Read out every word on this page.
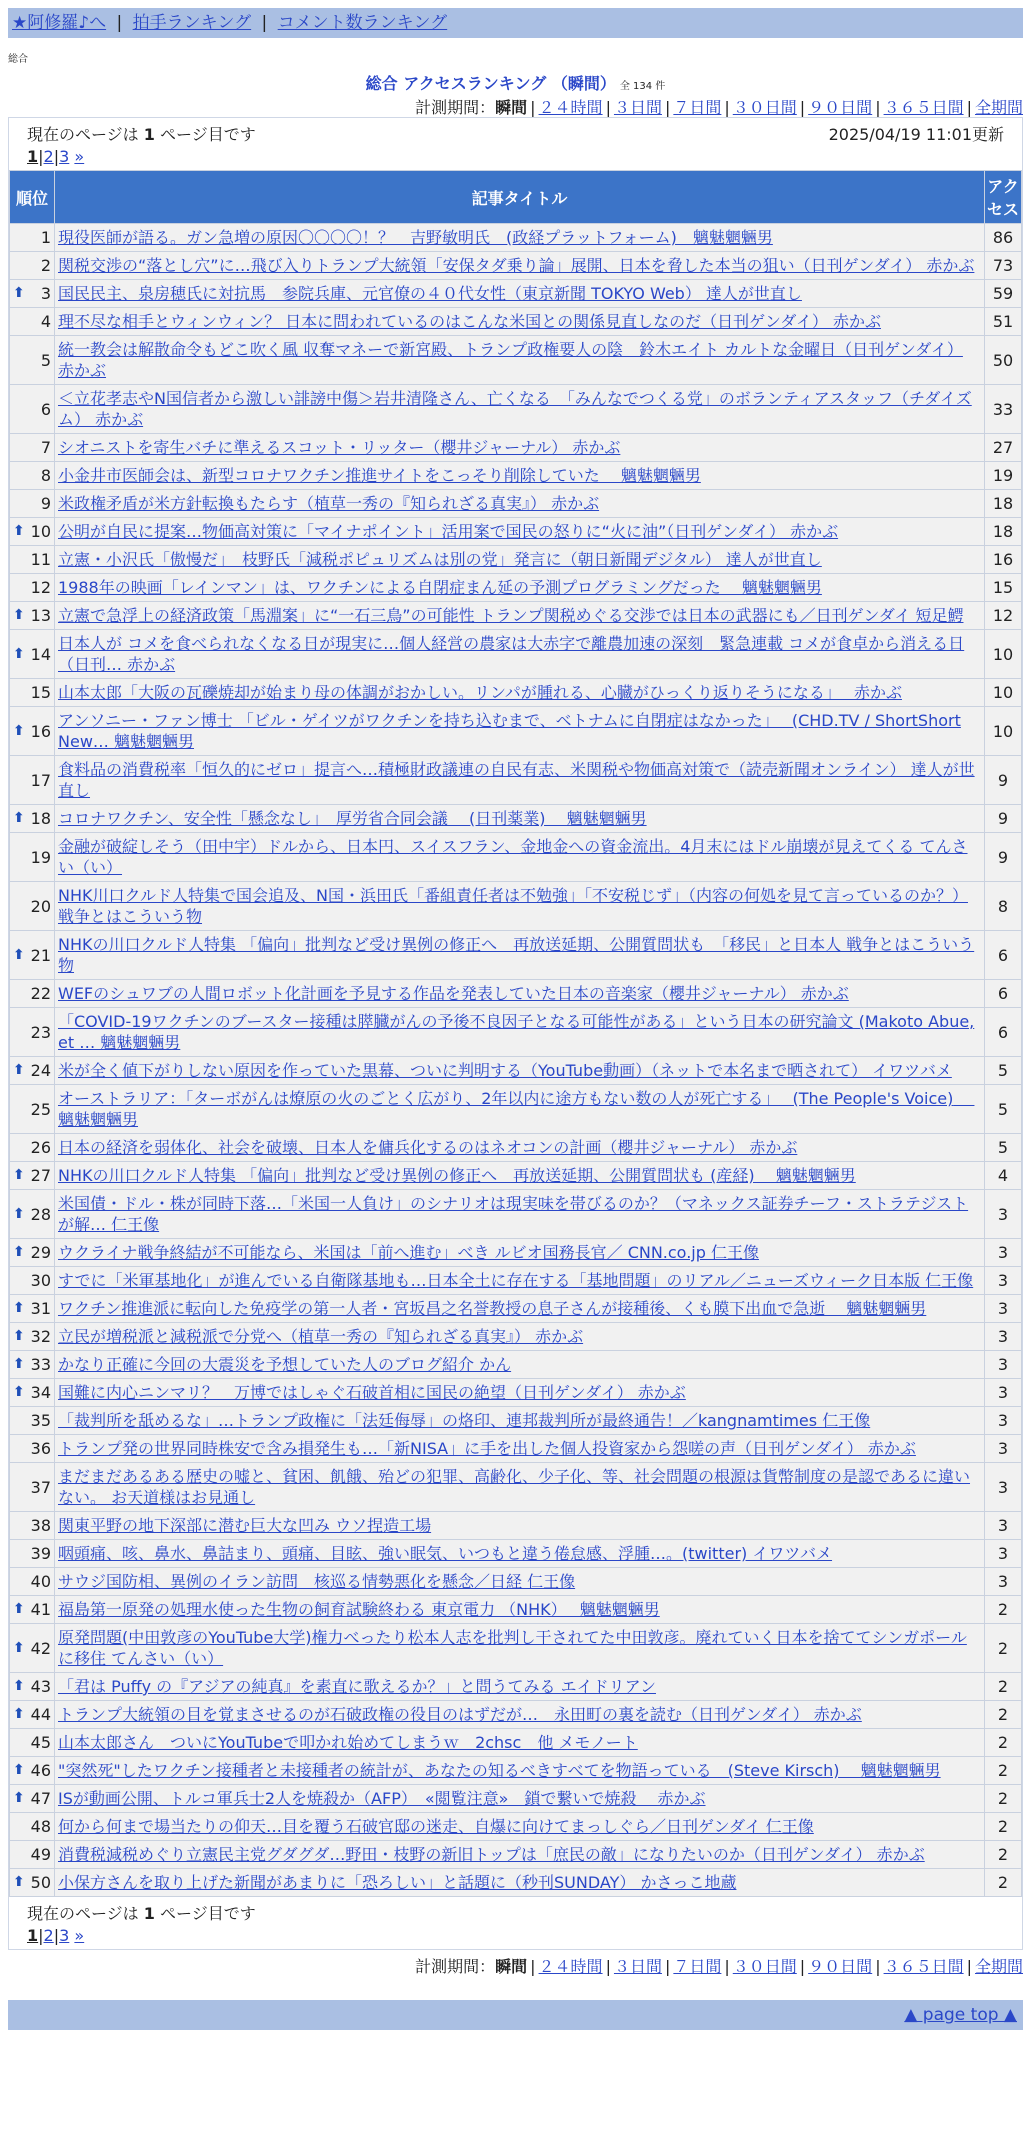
★阿修羅♪へ | 拍手ランキング | コメント数ランキング
総合
総合 アクセスランキング （瞬間） 全 134 件
計測期間：瞬間 | ２４時間 | ３日間 | ７日間 | ３０日間 | ９０日間 | ３６５日間 | 全期間
2025/04/19 11:01更新
現在のページは 1 ページ目です
1|2|3 »
順位	記事タイトル	アクセス
1	現役医師が語る。ガン急増の原因〇〇〇〇！？　吉野敏明氏　(政経プラットフォーム)　魑魅魍魎男	86
2	関税交渉の“落とし穴”に…飛び入りトランプ大統領「安保タダ乗り論」展開、日本を脅した本当の狙い（日刊ゲンダイ） 赤かぶ	73

⬆ 3	国民民主、泉房穂氏に対抗馬　参院兵庫、元官僚の４０代女性（東京新聞 TOKYO Web） 達人が世直し	59
4	理不尽な相手とウィンウィン？ 日本に問われているのはこんな米国との関係見直しなのだ（日刊ゲンダイ） 赤かぶ	51
5	統一教会は解散命令もどこ吹く風 収奪マネーで新宮殿、トランプ政権要人の陰　鈴木エイト カルトな金曜日（日刊ゲンダイ） 赤かぶ	50
6	＜立花孝志やN国信者から激しい誹謗中傷＞岩井清隆さん、亡くなる　「みんなでつくる党」のボランティアスタッフ（チダイズム） 赤かぶ	33
7	シオニストを寄生バチに準えるスコット・リッター（櫻井ジャーナル） 赤かぶ	27
8	小金井市医師会は、新型コロナワクチン推進サイトをこっそり削除していた　 魑魅魍魎男	19
9	米政権矛盾が米方針転換もたらす（植草一秀の『知られざる真実』） 赤かぶ	18

⬆ 10	公明が自民に提案…物価高対策に「マイナポイント」活用案で国民の怒りに“火に油”（日刊ゲンダイ） 赤かぶ	18
11	立憲・小沢氏「傲慢だ」　枝野氏「減税ポピュリズムは別の党」発言に（朝日新聞デジタル） 達人が世直し	16
12	1988年の映画「レインマン」は、ワクチンによる自閉症まん延の予測プログラミングだった　 魑魅魍魎男	15

⬆ 13	立憲で急浮上の経済政策「馬淵案」に“一石三鳥”の可能性 トランプ関税めぐる交渉では日本の武器にも／日刊ゲンダイ 短足鰐	12

⬆ 14	日本人が コメを食べられなくなる日が現実に…個人経営の農家は大赤字で離農加速の深刻　緊急連載 コメが食卓から消える日（日刊… 赤かぶ	10
15	山本太郎「大阪の瓦礫焼却が始まり母の体調がおかしい。リンパが腫れる、心臓がひっくり返りそうになる」　 赤かぶ	10

⬆ 16	アンソニー・ファン博士 「ビル・ゲイツがワクチンを持ち込むまで、ベトナムに自閉症はなかった」　 (CHD.TV / ShortShort New… 魑魅魍魎男	10
17	食料品の消費税率「恒久的にゼロ」提言へ…積極財政議連の自民有志、米関税や物価高対策で（読売新聞オンライン） 達人が世直し	9

⬆ 18	コロナワクチン、安全性「懸念なし」　厚労省合同会議　 (日刊薬業)　 魑魅魍魎男	9
19	金融が破綻しそう（田中宇）ドルから、日本円、スイスフラン、金地金への資金流出。4月末にはドル崩壊が見えてくる てんさい（い）	9
20	NHK川口クルド人特集で国会追及、N国・浜田氏「番組責任者は不勉強」「不安税じず」（内容の何処を見て言っているのか？） 戦争とはこういう物	8

⬆ 21	NHKの川口クルド人特集 「偏向」批判など受け異例の修正へ　再放送延期、公開質問状も　「移民」と日本人 戦争とはこういう物	6
22	WEFのシュワブの人間ロボット化計画を予見する作品を発表していた日本の音楽家（櫻井ジャーナル） 赤かぶ	6
23	「COVID-19ワクチンのブースター接種は膵臓がんの予後不良因子となる可能性がある」という日本の研究論文 (Makoto Abue, et … 魑魅魍魎男	6

⬆ 24	米が全く値下がりしない原因を作っていた黒幕、ついに判明する（YouTube動画）（ネットで本名まで晒されて） イワツバメ	5
25	オーストラリア：「ターボがんは燎原の火のごとく広がり、2年以内に途方もない数の人が死亡する」　 (The People's Voice)　 魑魅魍魎男	5
26	日本の経済を弱体化、社会を破壊、日本人を傭兵化するのはネオコンの計画（櫻井ジャーナル） 赤かぶ	5

⬆ 27	NHKの川口クルド人特集 「偏向」批判など受け異例の修正へ　再放送延期、公開質問状も (産経)　 魑魅魍魎男	4

⬆ 28	米国債・ドル・株が同時下落…「米国一人負け」のシナリオは現実味を帯びるのか？（マネックス証券チーフ・ストラテジストが解… 仁王像	3

⬆ 29	ウクライナ戦争終結が不可能なら、米国は「前へ進む」べき ルビオ国務長官／ CNN.co.jp 仁王像	3
30	すでに「米軍基地化」が進んでいる自衛隊基地も…日本全土に存在する「基地問題」のリアル／ニューズウィーク日本版 仁王像	3

⬆ 31	ワクチン推進派に転向した免疫学の第一人者・宮坂昌之名誉教授の息子さんが接種後、くも膜下出血で急逝　 魑魅魍魎男	3

⬆ 32	立民が増税派と減税派で分党へ（植草一秀の『知られざる真実』） 赤かぶ	3

⬆ 33	かなり正確に今回の大震災を予想していた人のブログ紹介 かん	3

⬆ 34	国難に内心ニンマリ？　万博ではしゃぐ石破首相に国民の絶望（日刊ゲンダイ） 赤かぶ	3
35	「裁判所を舐めるな」…トランプ政権に「法廷侮辱」の烙印、連邦裁判所が最終通告！／kangnamtimes 仁王像	3
36	トランプ発の世界同時株安で含み損発生も…「新NISA」に手を出した個人投資家から怨嗟の声（日刊ゲンダイ） 赤かぶ	3
37	まだまだあるある歴史の嘘と、貧困、飢餓、殆どの犯罪、高齢化、少子化、等、社会問題の根源は貨幣制度の是認であるに違いない。 お天道様はお見通し	3
38	関東平野の地下深部に潜む巨大な凹み ウソ捏造工場	3
39	咽頭痛、咳、鼻水、鼻詰まり、頭痛、目眩、強い眠気、いつもと違う倦怠感、浮腫…。(twitter) イワツバメ	3
40	サウジ国防相、異例のイラン訪問　核巡る情勢悪化を懸念／日経 仁王像	3

⬆ 41	福島第一原発の処理水使った生物の飼育試験終わる 東京電力 （NHK）　 魑魅魍魎男	2

⬆ 42	原発問題(中田敦彦のYouTube大学)権力べったり松本人志を批判し干されてた中田敦彦。廃れていく日本を捨ててシンガポールに移住 てんさい（い）	2

⬆ 43	「君は Puffy の『アジアの純真』を素直に歌えるか？」と問うてみる エイドリアン	2

⬆ 44	トランプ大統領の目を覚まさせるのが石破政権の役目のはずだが…　永田町の裏を読む（日刊ゲンダイ） 赤かぶ	2
45	山本太郎さん　ついにYouTubeで叩かれ始めてしまうｗ　2chsc　他 メモノート	2

⬆ 46	"突然死"したワクチン接種者と未接種者の統計が、あなたの知るべきすべてを物語っている　(Steve Kirsch)　 魑魅魍魎男	2

⬆ 47	ISが動画公開、トルコ軍兵士2人を焼殺か（AFP）　«閲覧注意»　鎖で繋いで焼殺　 赤かぶ	2
48	何から何まで場当たりの仰天…目を覆う石破官邸の迷走、自爆に向けてまっしぐら／日刊ゲンダイ 仁王像	2
49	消費税減税めぐり立憲民主党グダグダ…野田・枝野の新旧トップは「庶民の敵」になりたいのか（日刊ゲンダイ） 赤かぶ	2

⬆ 50	小保方さんを取り上げた新聞があまりに「恐ろしい」と話題に（秒刊SUNDAY） かさっこ地蔵	2
現在のページは 1 ページ目です
1|2|3 »
計測期間：瞬間 | ２４時間 | ３日間 | ７日間 | ３０日間 | ９０日間 | ３６５日間 | 全期間
▲ page top ▲
